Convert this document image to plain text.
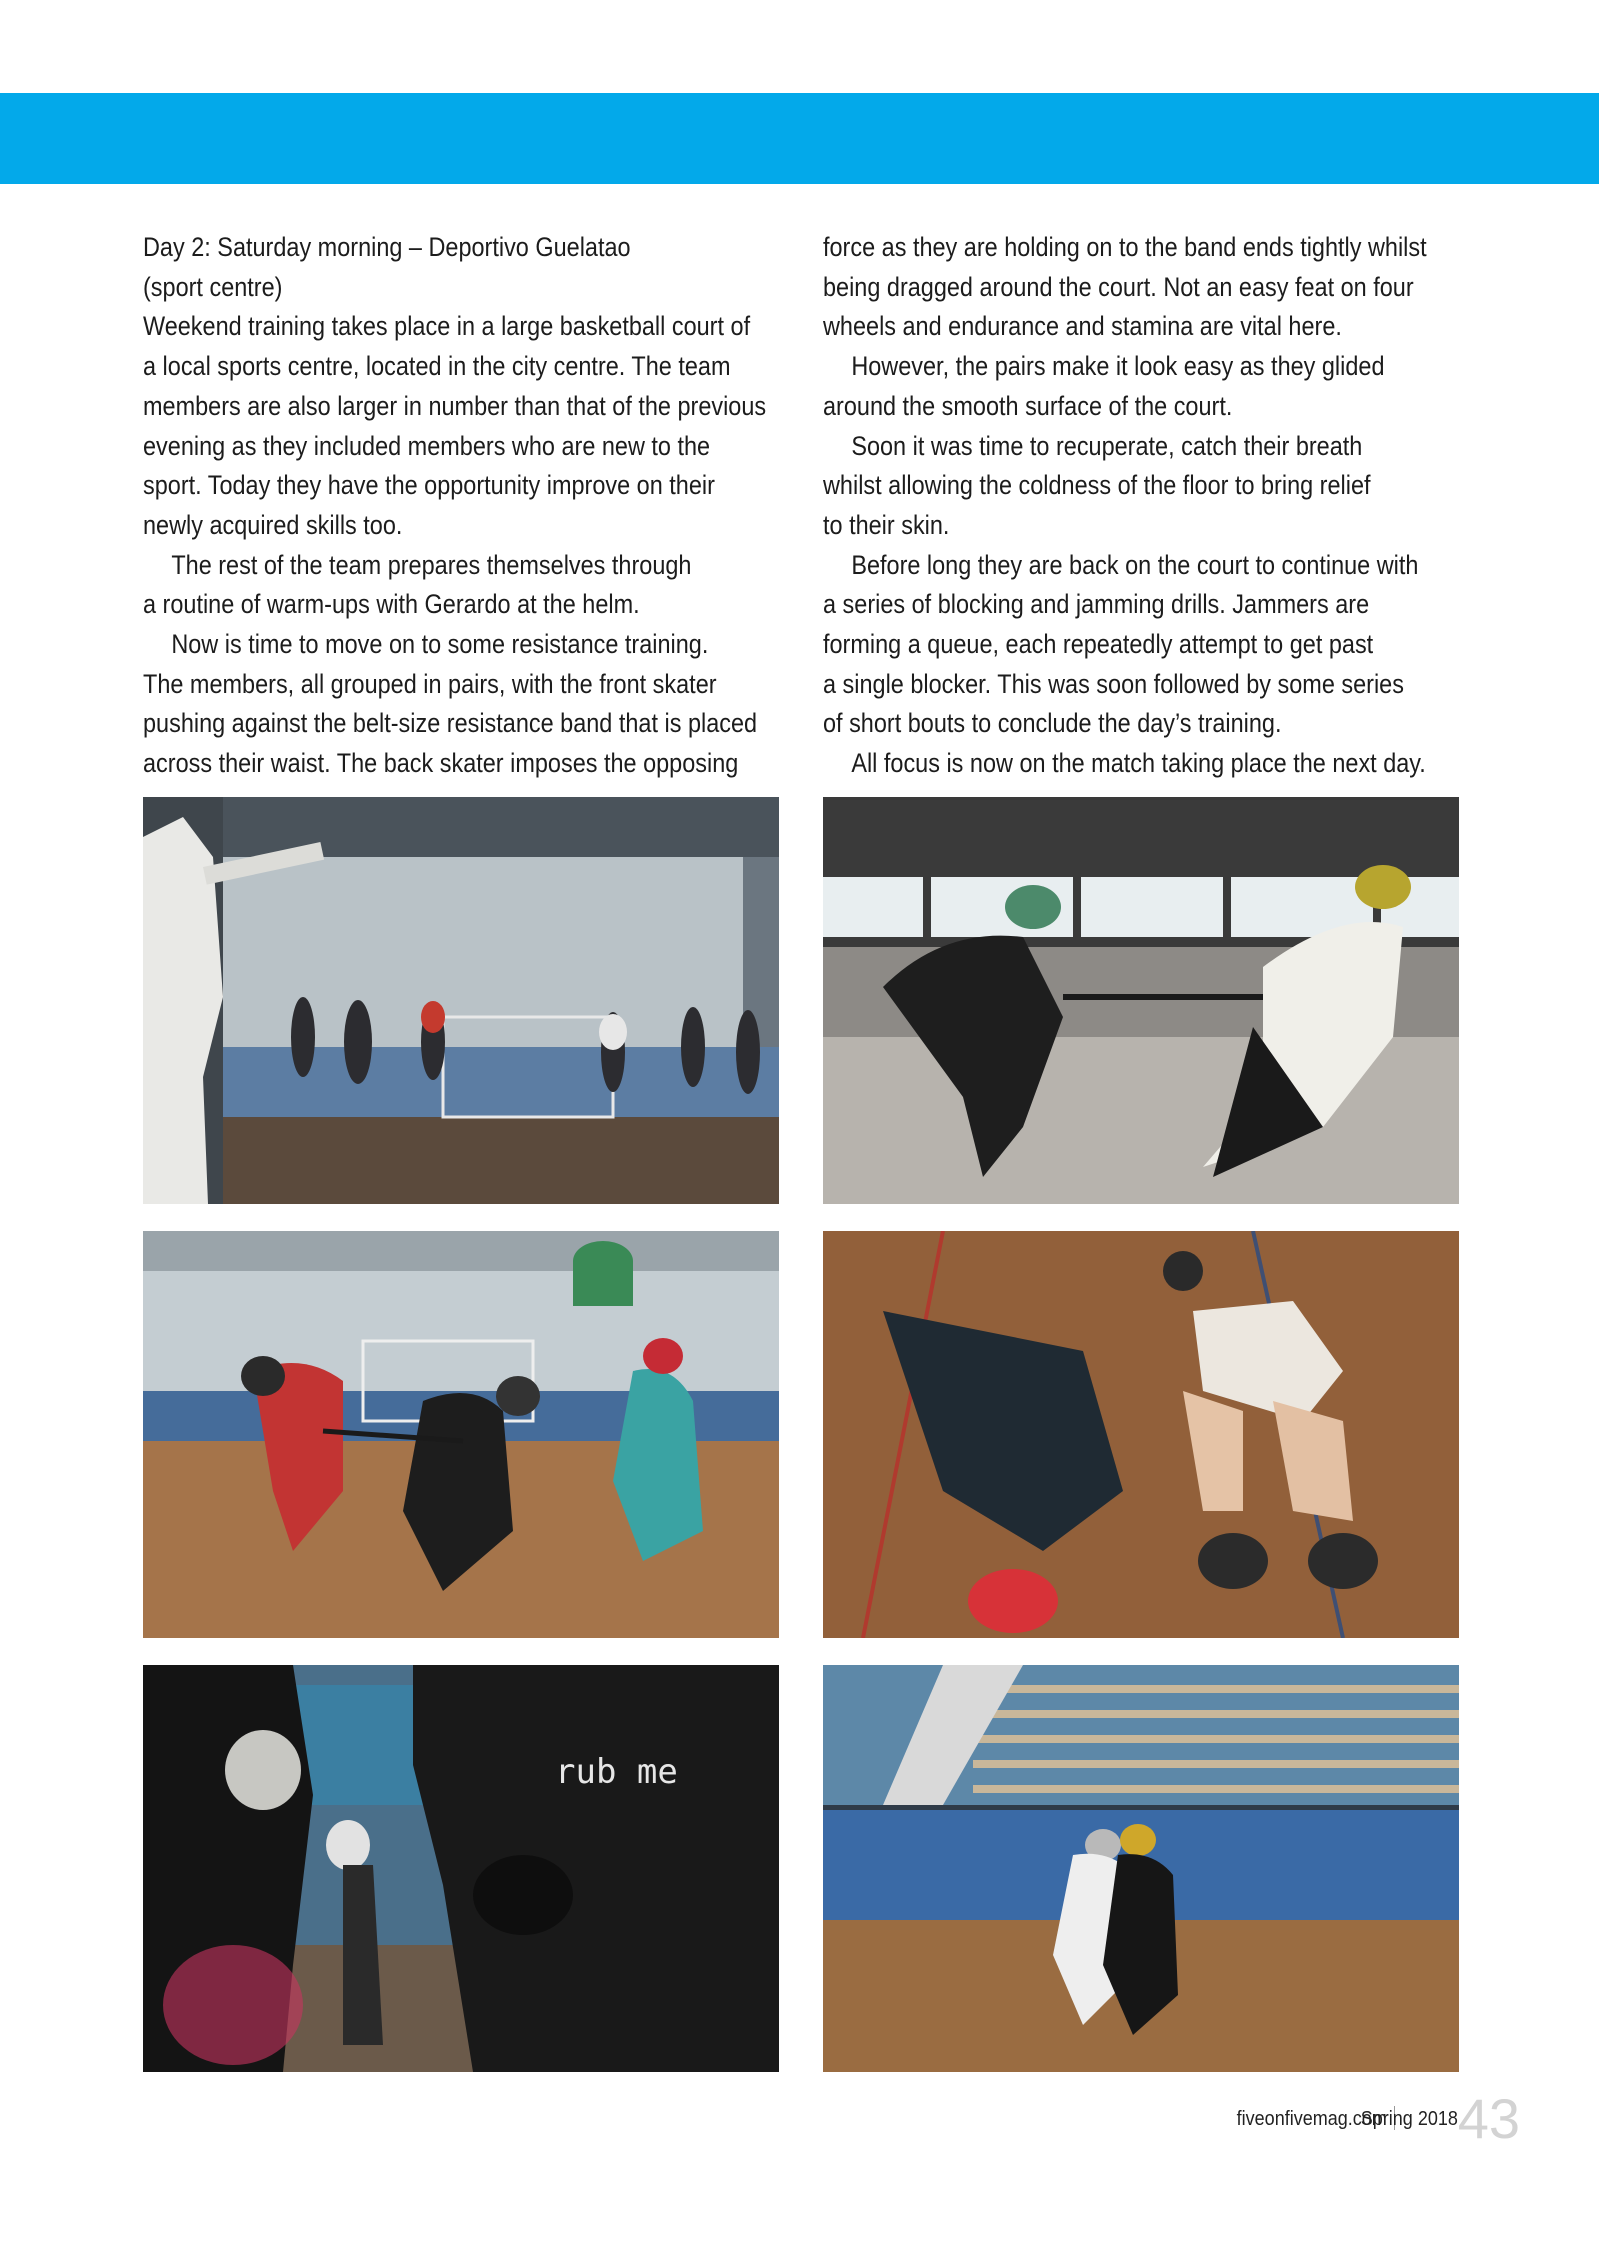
Day 2: Saturday morning – Deportivo Guelatao

(sport centre)

Weekend training takes place in a large basketball court of

a local sports centre, located in the city centre. The team

members are also larger in number than that of the previous

evening as they included members who are new to the

sport. Today they have the opportunity improve on their

newly acquired skills too.

The rest of the team prepares themselves through

a routine of warm-ups with Gerardo at the helm.

Now is time to move on to some resistance training.

The members, all grouped in pairs, with the front skater

pushing against the belt-size resistance band that is placed

across their waist. The back skater imposes the opposing

force as they are holding on to the band ends tightly whilst

being dragged around the court. Not an easy feat on four

wheels and endurance and stamina are vital here.

However, the pairs make it look easy as they glided

around the smooth surface of the court.

Soon it was time to recuperate, catch their breath

whilst allowing the coldness of the floor to bring relief

to their skin.

Before long they are back on the court to continue with

a series of blocking and jamming drills. Jammers are

forming a queue, each repeatedly attempt to get past

a single blocker. This was soon followed by some series

of short bouts to conclude the day’s training.

All focus is now on the match taking place the next day.

rub me
fiveonfivemag.com
Spring 2018 43
